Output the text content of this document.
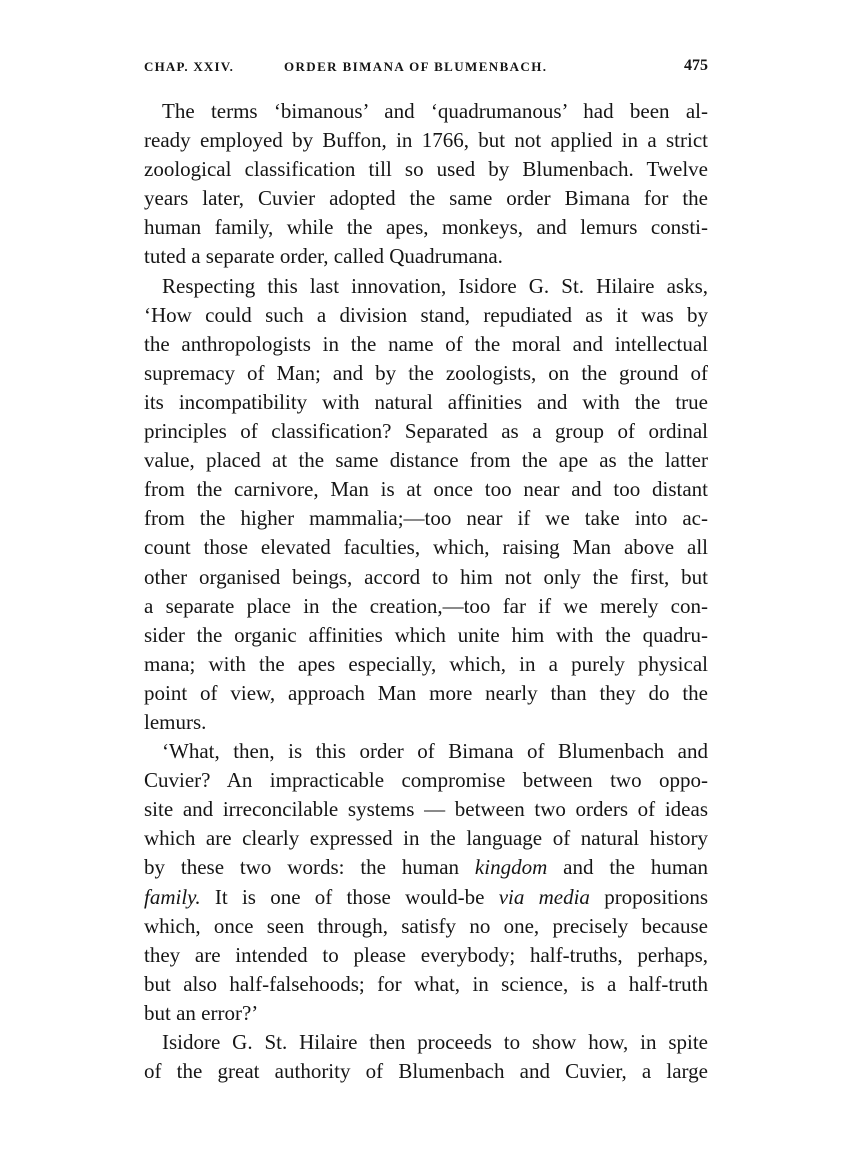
CHAP. XXIV.	ORDER BIMANA OF BLUMENBACH.	475
The terms ‘bimanous’ and ‘quadrumanous’ had been al-
ready employed by Buffon, in 1766, but not applied in a strict
zoological classification till so used by Blumenbach. Twelve
years later, Cuvier adopted the same order Bimana for the
human family, while the apes, monkeys, and lemurs consti-
tuted a separate order, called Quadrumana.
Respecting this last innovation, Isidore G. St. Hilaire asks,
‘How could such a division stand, repudiated as it was by
the anthropologists in the name of the moral and intellectual
supremacy of Man; and by the zoologists, on the ground of
its incompatibility with natural affinities and with the true
principles of classification? Separated as a group of ordinal
value, placed at the same distance from the ape as the latter
from the carnivore, Man is at once too near and too distant
from the higher mammalia;—too near if we take into ac-
count those elevated faculties, which, raising Man above all
other organised beings, accord to him not only the first, but
a separate place in the creation,—too far if we merely con-
sider the organic affinities which unite him with the quadru-
mana; with the apes especially, which, in a purely physical
point of view, approach Man more nearly than they do the
lemurs.
‘What, then, is this order of Bimana of Blumenbach and
Cuvier? An impracticable compromise between two oppo-
site and irreconcilable systems — between two orders of ideas
which are clearly expressed in the language of natural history
by these two words: the human kingdom and the human
family. It is one of those would-be via media propositions
which, once seen through, satisfy no one, precisely because
they are intended to please everybody; half-truths, perhaps,
but also half-falsehoods; for what, in science, is a half-truth
but an error?’
Isidore G. St. Hilaire then proceeds to show how, in spite
of the great authority of Blumenbach and Cuvier, a large
